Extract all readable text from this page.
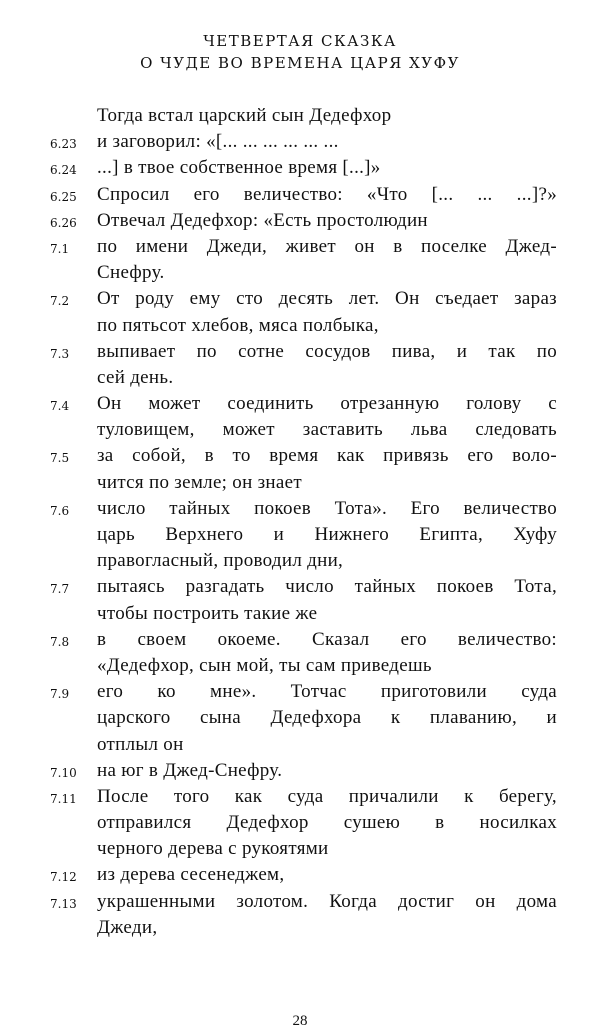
ЧЕТВЕРТАЯ СКАЗКА
О ЧУДЕ ВО ВРЕМЕНА ЦАРЯ ХУФУ
Тогда встал царский сын Дедефхор
6.23	и заговорил: «[... ... ... ... ... ...
6.24	...] в твое собственное время [...]»
6.25	Спросил его величество: «Что [... ... ...]?»
6.26	Отвечал Дедефхор: «Есть простолюдин
7.1	по имени Джеди, живет он в поселке Джед-
Снефру.
7.2	От роду ему сто десять лет. Он съедает зараз
по пятьсот хлебов, мяса полбыка,
7.3	выпивает по сотне сосудов пива, и так по
сей день.
7.4	Он может соединить отрезанную голову с
туловищем, может заставить льва следовать
7.5	за собой, в то время как привязь его воло-
чится по земле; он знает
7.6	число тайных покоев Тота». Его величество
царь Верхнего и Нижнего Египта, Хуфу
правогласный, проводил дни,
7.7	пытаясь разгадать число тайных покоев Тота,
чтобы построить такие же
7.8	в своем окоеме. Сказал его величество:
«Дедефхор, сын мой, ты сам приведешь
7.9	его ко мне». Тотчас приготовили суда
царского сына Дедефхора к плаванию, и
отплыл он
7.10	на юг в Джед-Снефру.
7.11	После того как суда причалили к берегу,
отправился Дедефхор сушею в носилках
черного дерева с рукоятями
7.12	из дерева сесенеджем,
7.13	украшенными золотом. Когда достиг он дома
Джеди,
28
